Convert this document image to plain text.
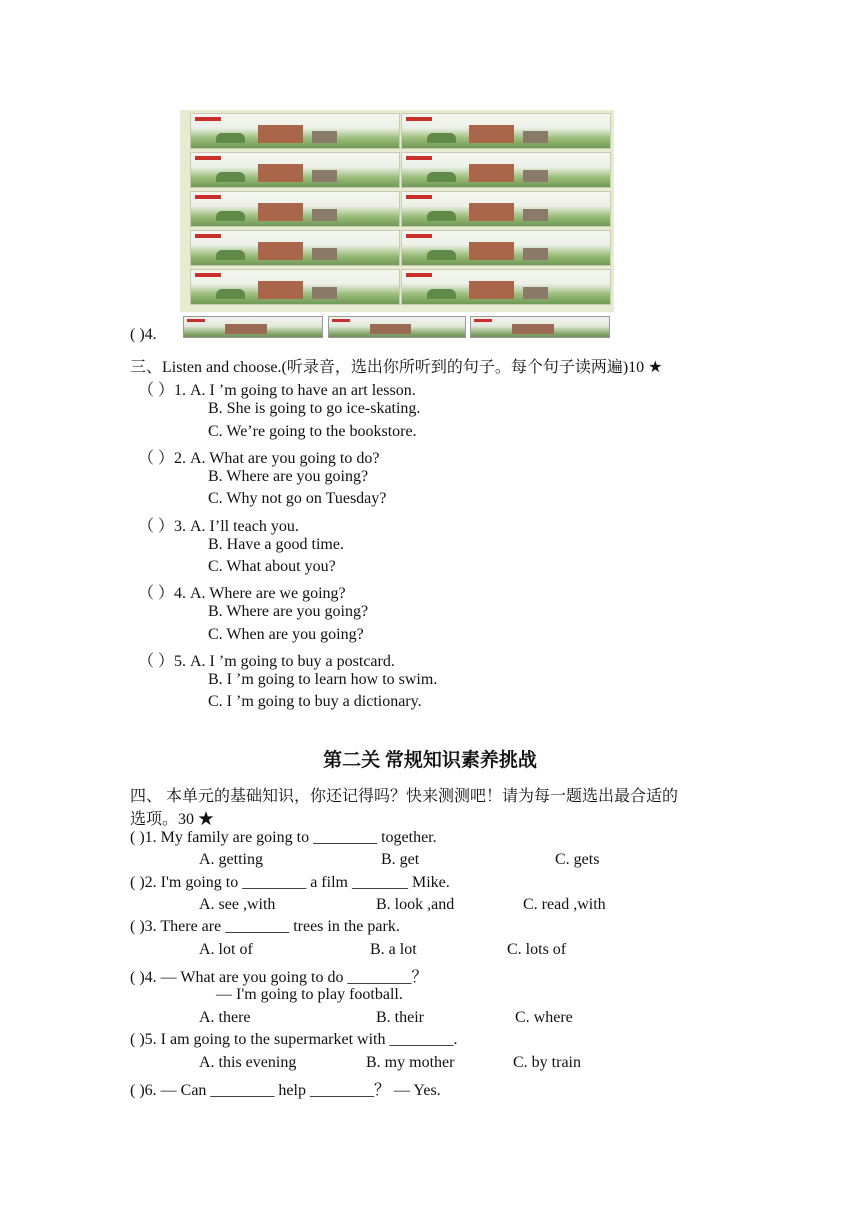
( )4.
三、Listen and choose.(听录音，选出你所听到的句子。每个句子读两遍)10 ★
（ ）1. A. I ’m going to have an art lesson.
B. She is going to go ice-skating.
C. We’re going to the bookstore.
（ ）2. A. What are you going to do?
B. Where are you going?
C. Why not go on Tuesday?
（ ）3. A. I’ll teach you.
B. Have a good time.
C. What about you?
（ ）4. A. Where are we going?
B. Where are you going?
C. When are you going?
（ ）5. A. I ’m going to buy a postcard.
B. I ’m going to learn how to swim.
C. I ’m going to buy a dictionary.
第二关 常规知识素养挑战
四、 本单元的基础知识，你还记得吗？快来测测吧！请为每一题选出最合适的
选项。30 ★
( )1. My family are going to ________ together.
A. getting	B. get	C. gets
( )2. I'm going to ________ a film _______ Mike.
A. see ,with	B. look ,and	C. read ,with
( )3. There are ________ trees in the park.
A. lot of	B. a lot	C. lots of
( )4. — What are you going to do ________？
— I'm going to play football.
A. there	B. their	C. where
( )5. I am going to the supermarket with ________.
A. this evening	B. my mother	C. by train
( )6. — Can ________ help ________？ — Yes.
